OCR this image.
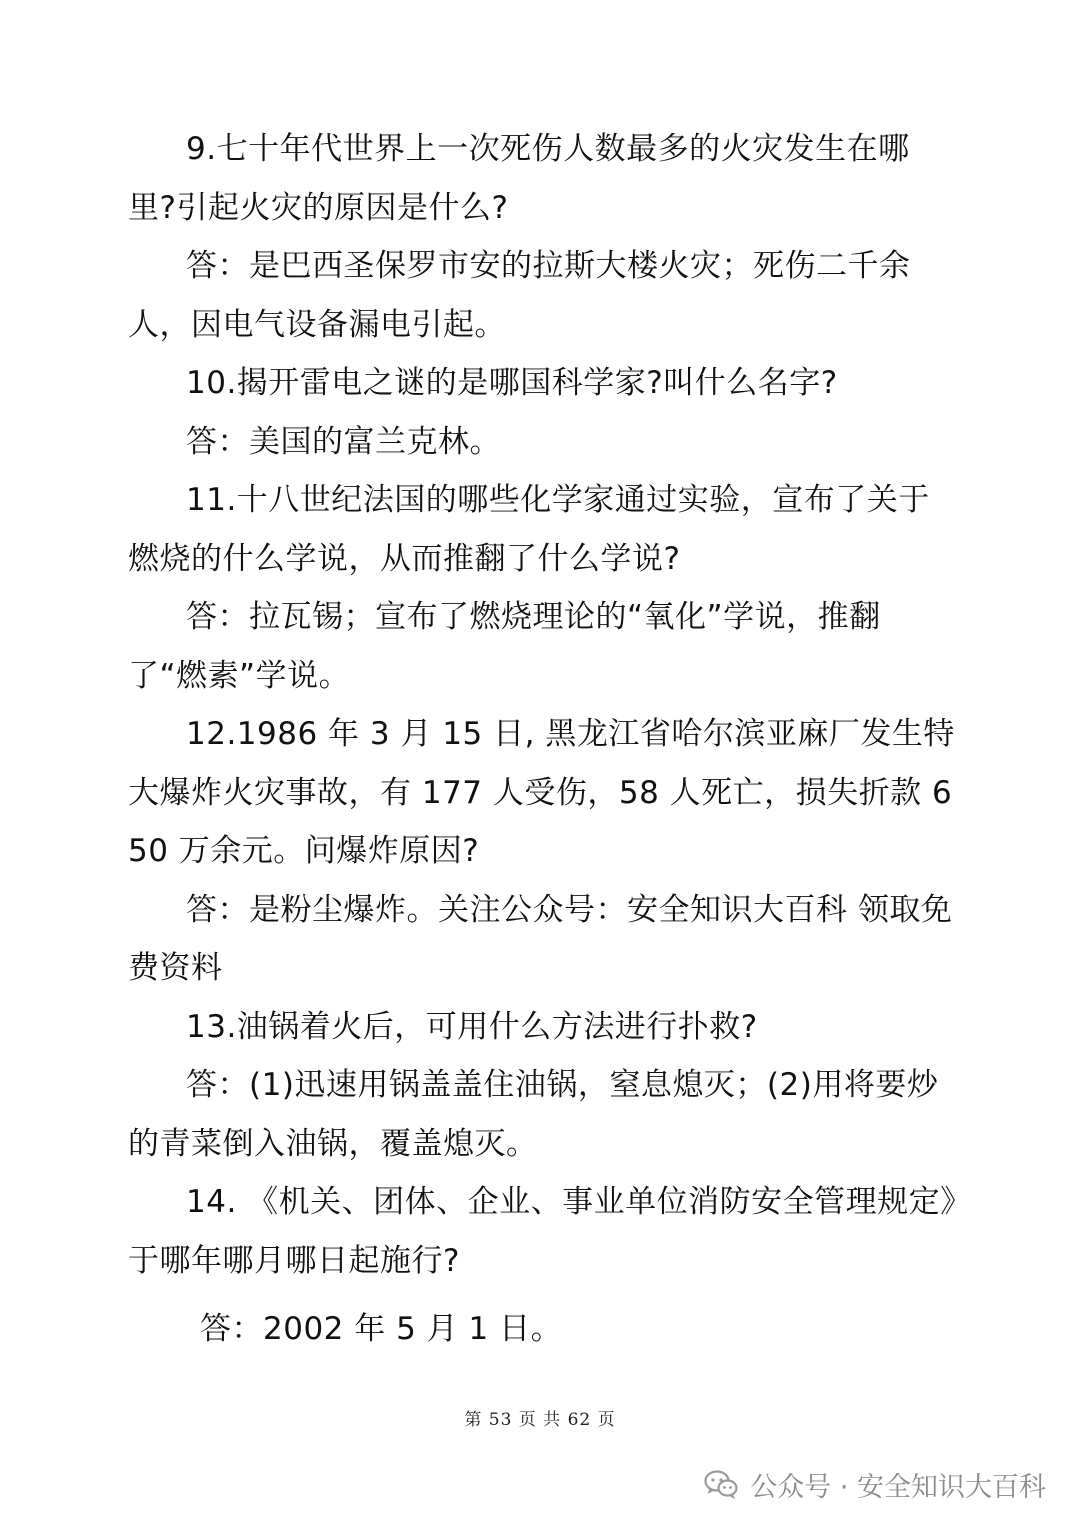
9.七十年代世界上一次死伤人数最多的火灾发生在哪里?引起火灾的原因是什么?

答：是巴西圣保罗市安的拉斯大楼火灾；死伤二千余人，因电气设备漏电引起。

10.揭开雷电之谜的是哪国科学家?叫什么名字?

答：美国的富兰克林。

11.十八世纪法国的哪些化学家通过实验，宣布了关于燃烧的什么学说，从而推翻了什么学说?

答：拉瓦锡；宣布了燃烧理论的“氧化”学说，推翻了“燃素”学说。

12.1986 年 3 月 15 日, 黑龙江省哈尔滨亚麻厂发生特大爆炸火灾事故，有 177 人受伤，58 人死亡，损失折款 650 万余元。问爆炸原因?

答：是粉尘爆炸。关注公众号：安全知识大百科 领取免费资料

13.油锅着火后，可用什么方法进行扑救?

答：(1)迅速用锅盖盖住油锅，窒息熄灭；(2)用将要炒的青菜倒入油锅，覆盖熄灭。

14. 《机关、团体、企业、事业单位消防安全管理规定》于哪年哪月哪日起施行?

答：2002 年 5 月 1 日。

第 53 页 共 62 页
公众号 · 安全知识大百科
